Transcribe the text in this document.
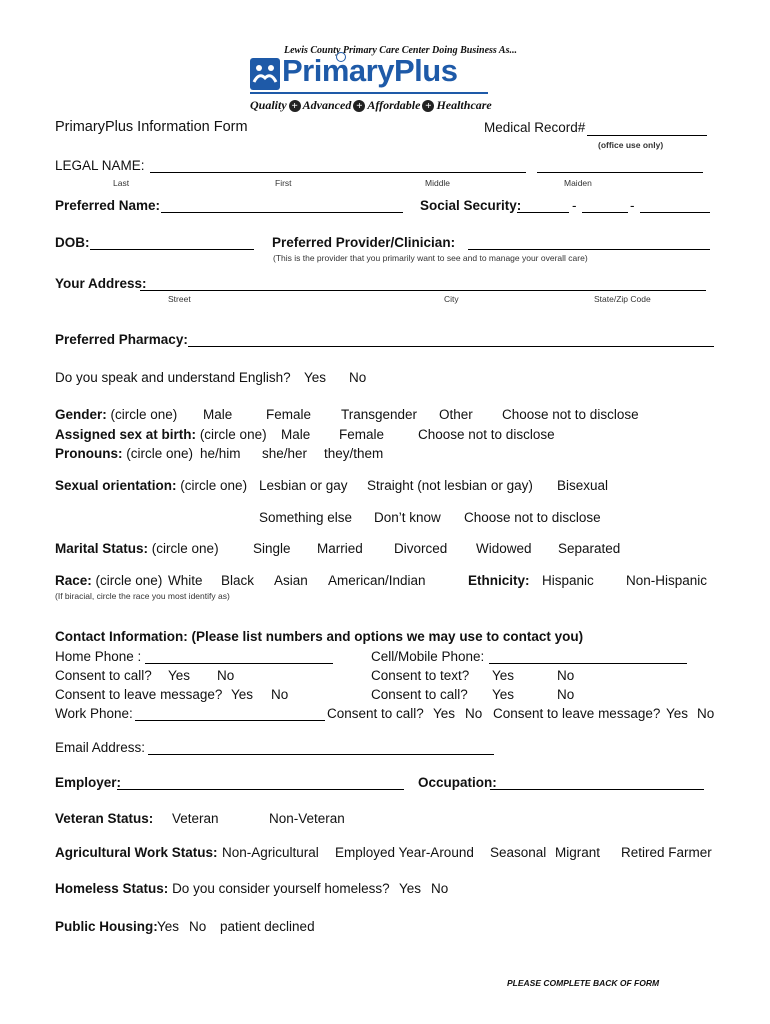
Lewis County Primary Care Center Doing Business As...
PrimaryPlus
Quality + Advanced + Affordable + Healthcare
PrimaryPlus Information Form	Medical Record#
(office use only)
LEGAL NAME:
Last	First	Middle	Maiden
Preferred Name:	Social Security:	-	-
DOB:	Preferred Provider/Clinician:
(This is the provider that you primarily want to see and to manage your overall care)
Your Address:
Street	City	State/Zip Code
Preferred Pharmacy:
Do you speak and understand English? Yes No
Gender: (circle one) Male Female Transgender Other Choose not to disclose
Assigned sex at birth: (circle one) Male Female	Choose not to disclose
Pronouns: (circle one) he/him she/her they/them
Sexual orientation: (circle one) Lesbian or gay Straight (not lesbian or gay) Bisexual
Something else Don’t know Choose not to disclose
Marital Status: (circle one)	Single Married Divorced Widowed Separated
Race: (circle one) White Black Asian American/Indian	Ethnicity: Hispanic Non-Hispanic
(If biracial, circle the race you most identify as)
Contact Information: (Please list numbers and options we may use to contact you)
Home Phone :	Cell/Mobile Phone:
Consent to call? Yes No	Consent to text? Yes	No
Consent to leave message? Yes No	Consent to call? Yes	No
Work Phone:	Consent to call? Yes No Consent to leave message? Yes No
Email Address:
Employer:	Occupation:
Veteran Status: Veteran	Non-Veteran
Agricultural Work Status: Non-Agricultural Employed Year-Around Seasonal Migrant Retired Farmer
Homeless Status: Do you consider yourself homeless? Yes No
Public Housing: Yes No patient declined
PLEASE COMPLETE BACK OF FORM
